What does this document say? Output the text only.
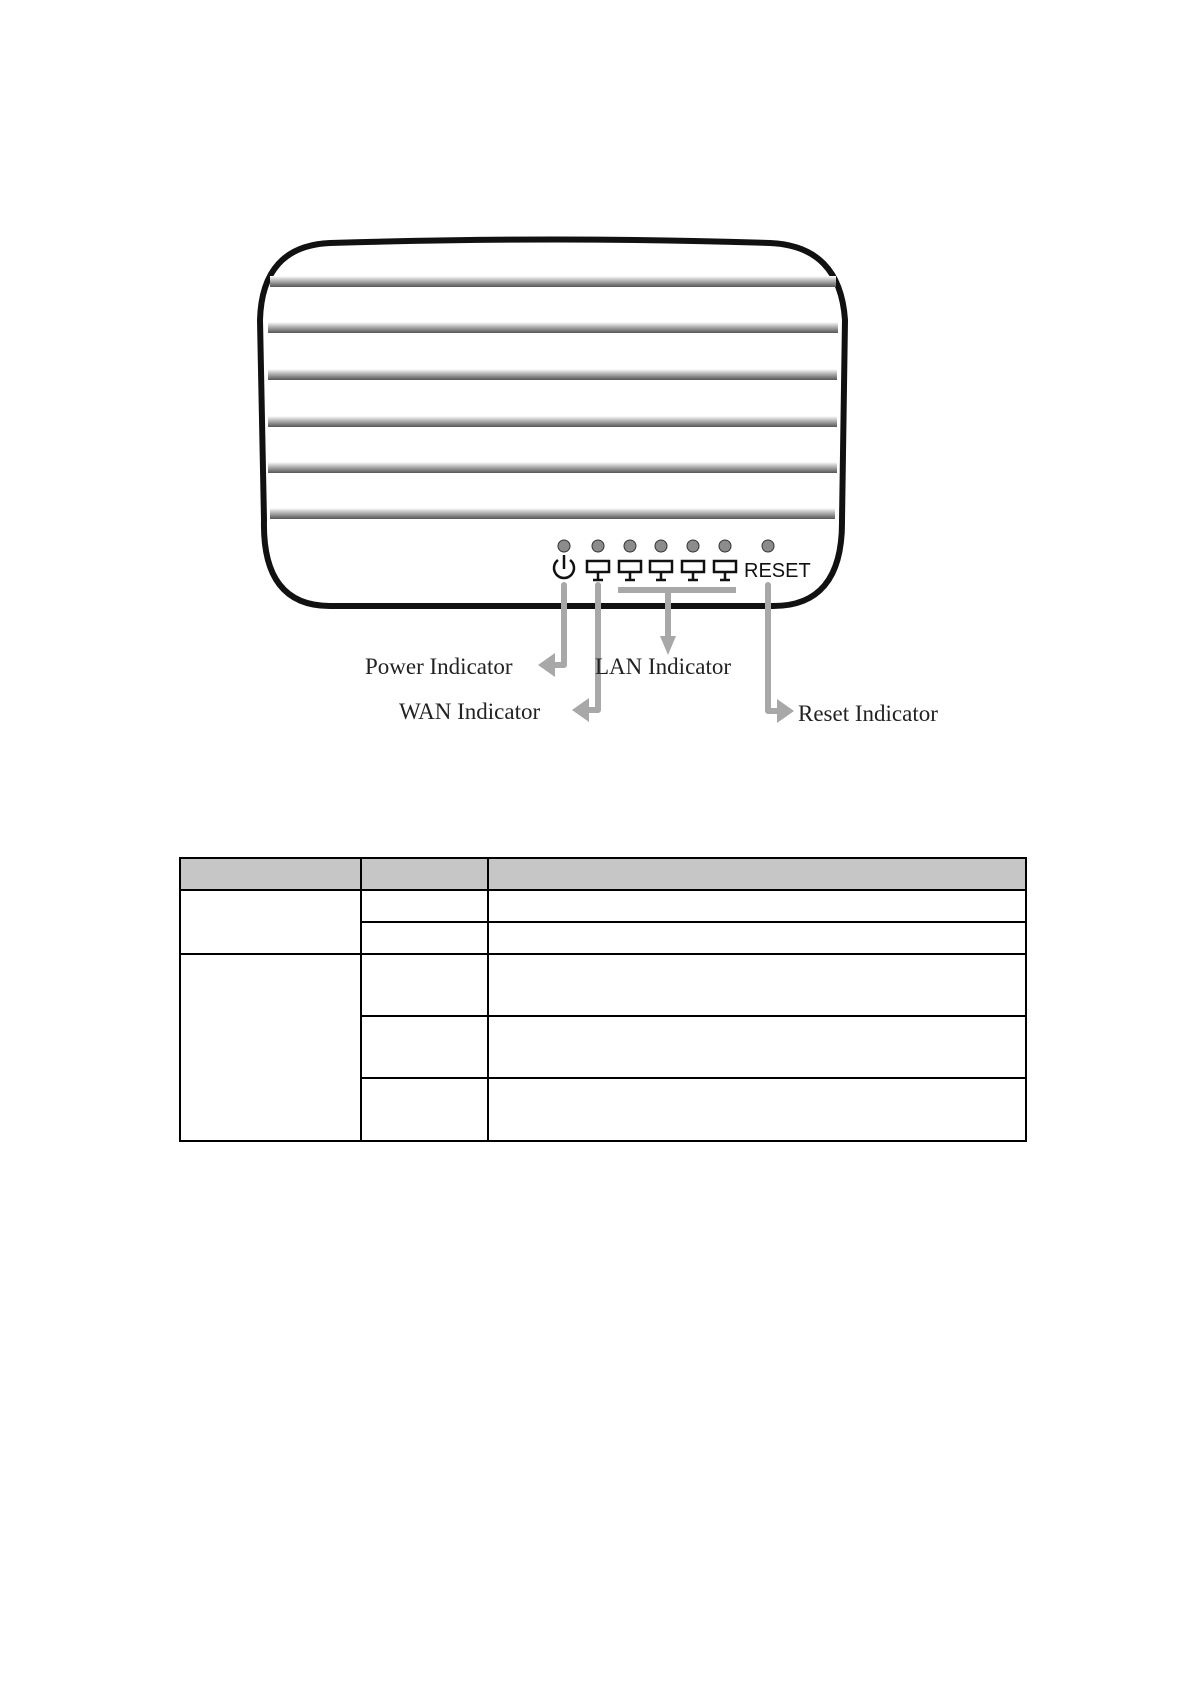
RESET
Power Indicator
WAN Indicator
LAN Indicator
Reset Indicator
